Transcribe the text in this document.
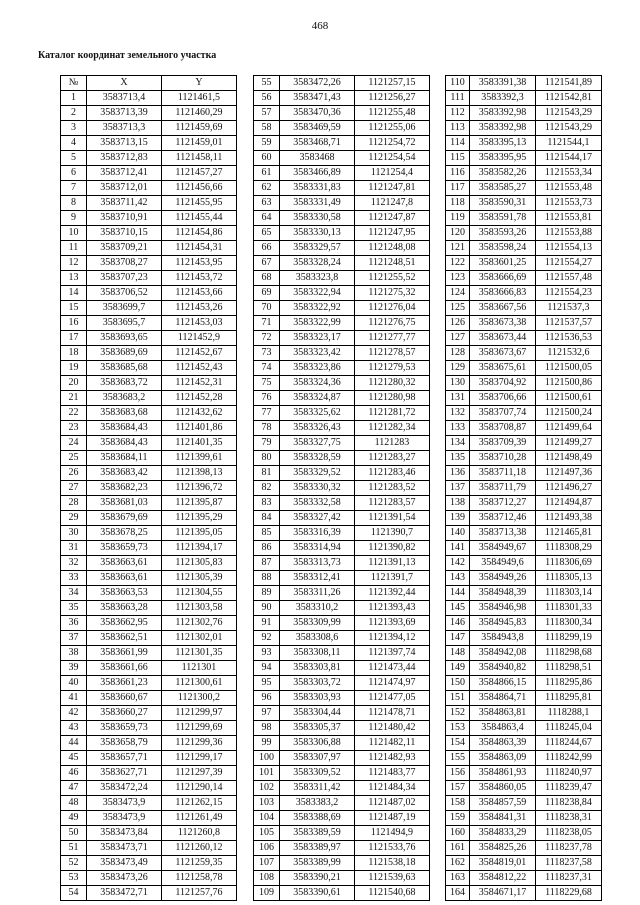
468
Каталог координат земельного участка
№	X	Y
1	3583713,4	1121461,5
2	3583713,39	1121460,29
3	3583713,3	1121459,69
4	3583713,15	1121459,01
5	3583712,83	1121458,11
6	3583712,41	1121457,27
7	3583712,01	1121456,66
8	3583711,42	1121455,95
9	3583710,91	1121455,44
10	3583710,15	1121454,86
11	3583709,21	1121454,31
12	3583708,27	1121453,95
13	3583707,23	1121453,72
14	3583706,52	1121453,66
15	3583699,7	1121453,26
16	3583695,7	1121453,03
17	3583693,65	1121452,9
18	3583689,69	1121452,67
19	3583685,68	1121452,43
20	3583683,72	1121452,31
21	3583683,2	1121452,28
22	3583683,68	1121432,62
23	3583684,43	1121401,86
24	3583684,43	1121401,35
25	3583684,11	1121399,61
26	3583683,42	1121398,13
27	3583682,23	1121396,72
28	3583681,03	1121395,87
29	3583679,69	1121395,29
30	3583678,25	1121395,05
31	3583659,73	1121394,17
32	3583663,61	1121305,83
33	3583663,61	1121305,39
34	3583663,53	1121304,55
35	3583663,28	1121303,58
36	3583662,95	1121302,76
37	3583662,51	1121302,01
38	3583661,99	1121301,35
39	3583661,66	1121301
40	3583661,23	1121300,61
41	3583660,67	1121300,2
42	3583660,27	1121299,97
43	3583659,73	1121299,69
44	3583658,79	1121299,36
45	3583657,71	1121299,17
46	3583627,71	1121297,39
47	3583472,24	1121290,14
48	3583473,9	1121262,15
49	3583473,9	1121261,49
50	3583473,84	1121260,8
51	3583473,71	1121260,12
52	3583473,49	1121259,35
53	3583473,26	1121258,78
54	3583472,71	1121257,76
55	3583472,26	1121257,15
56	3583471,43	1121256,27
57	3583470,36	1121255,48
58	3583469,59	1121255,06
59	3583468,71	1121254,72
60	3583468	1121254,54
61	3583466,89	1121254,4
62	3583331,83	1121247,81
63	3583331,49	1121247,8
64	3583330,58	1121247,87
65	3583330,13	1121247,95
66	3583329,57	1121248,08
67	3583328,24	1121248,51
68	3583323,8	1121255,52
69	3583322,94	1121275,32
70	3583322,92	1121276,04
71	3583322,99	1121276,75
72	3583323,17	1121277,77
73	3583323,42	1121278,57
74	3583323,86	1121279,53
75	3583324,36	1121280,32
76	3583324,87	1121280,98
77	3583325,62	1121281,72
78	3583326,43	1121282,34
79	3583327,75	1121283
80	3583328,59	1121283,27
81	3583329,52	1121283,46
82	3583330,32	1121283,52
83	3583332,58	1121283,57
84	3583327,42	1121391,54
85	3583316,39	1121390,7
86	3583314,94	1121390,82
87	3583313,73	1121391,13
88	3583312,41	1121391,7
89	3583311,26	1121392,44
90	3583310,2	1121393,43
91	3583309,99	1121393,69
92	3583308,6	1121394,12
93	3583308,11	1121397,74
94	3583303,81	1121473,44
95	3583303,72	1121474,97
96	3583303,93	1121477,05
97	3583304,44	1121478,71
98	3583305,37	1121480,42
99	3583306,88	1121482,11
100	3583307,97	1121482,93
101	3583309,52	1121483,77
102	3583311,42	1121484,34
103	3583383,2	1121487,02
104	3583388,69	1121487,19
105	3583389,59	1121494,9
106	3583389,97	1121533,76
107	3583389,99	1121538,18
108	3583390,21	1121539,63
109	3583390,61	1121540,68
110	3583391,38	1121541,89
111	3583392,3	1121542,81
112	3583392,98	1121543,29
113	3583392,98	1121543,29
114	3583395,13	1121544,1
115	3583395,95	1121544,17
116	3583582,26	1121553,34
117	3583585,27	1121553,48
118	3583590,31	1121553,73
119	3583591,78	1121553,81
120	3583593,26	1121553,88
121	3583598,24	1121554,13
122	3583601,25	1121554,27
123	3583666,69	1121557,48
124	3583666,83	1121554,23
125	3583667,56	1121537,3
126	3583673,38	1121537,57
127	3583673,44	1121536,53
128	3583673,67	1121532,6
129	3583675,61	1121500,05
130	3583704,92	1121500,86
131	3583706,66	1121500,61
132	3583707,74	1121500,24
133	3583708,87	1121499,64
134	3583709,39	1121499,27
135	3583710,28	1121498,49
136	3583711,18	1121497,36
137	3583711,79	1121496,27
138	3583712,27	1121494,87
139	3583712,46	1121493,38
140	3583713,38	1121465,81
141	3584949,67	1118308,29
142	3584949,6	1118306,69
143	3584949,26	1118305,13
144	3584948,39	1118303,14
145	3584946,98	1118301,33
146	3584945,83	1118300,34
147	3584943,8	1118299,19
148	3584942,08	1118298,68
149	3584940,82	1118298,51
150	3584866,15	1118295,86
151	3584864,71	1118295,81
152	3584863,81	1118288,1
153	3584863,4	1118245,04
154	3584863,39	1118244,67
155	3584863,09	1118242,99
156	3584861,93	1118240,97
157	3584860,05	1118239,47
158	3584857,59	1118238,84
159	3584841,31	1118238,31
160	3584833,29	1118238,05
161	3584825,26	1118237,78
162	3584819,01	1118237,58
163	3584812,22	1118237,31
164	3584671,17	1118229,68
